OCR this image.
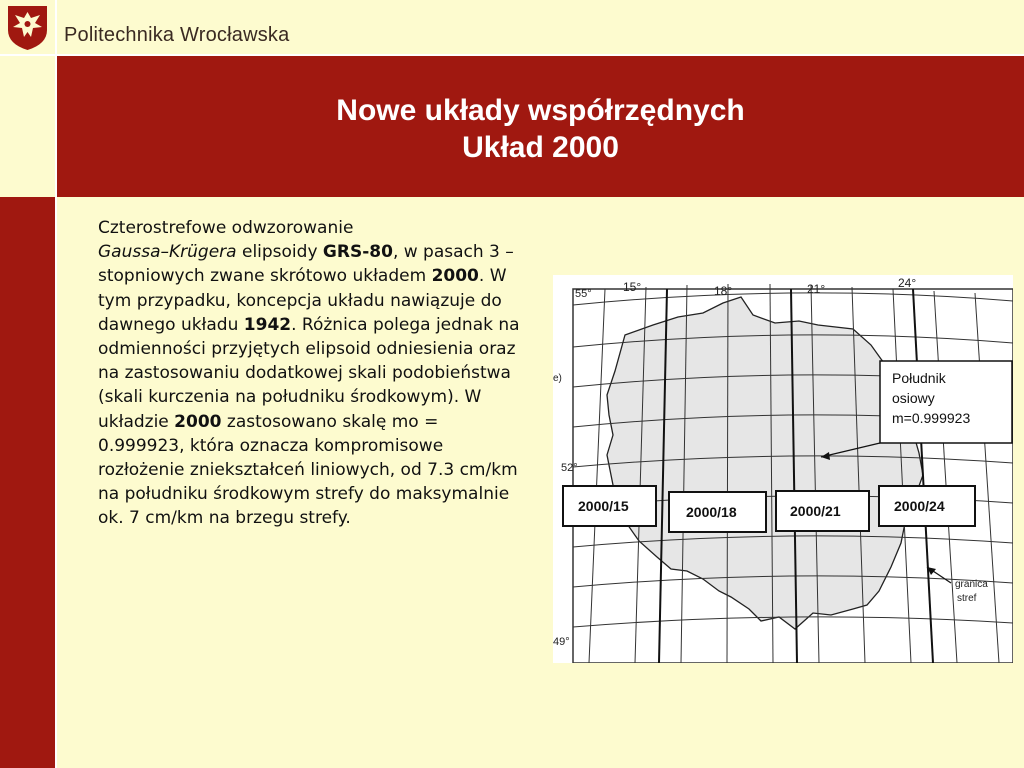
Politechnika Wrocławska
Nowe układy współrzędnych
Układ 2000
Czterostrefowe odwzorowanie
Gaussa–Krügera elipsoidy GRS-80, w pasach 3 – stopniowych zwane skrótowo układem 2000. W tym przypadku, koncepcja układu nawiązuje do dawnego układu 1942. Różnica polega jednak na odmienności przyjętych elipsoid odniesienia oraz na zastosowaniu dodatkowej skali podobieństwa (skali kurczenia na południku środkowym). W układzie 2000 zastosowano skalę mo = 0.999923, która oznacza kompromisowe rozłożenie zniekształceń liniowych, od 7.3 cm/km na południku środkowym strefy do maksymalnie ok. 7 cm/km na brzegu strefy.
55°
52°
49°
e)
15°	18°	21°	24°
Południk
osiowy
m=0.999923
2000/15	2000/18	2000/21	2000/24
granica
stref
